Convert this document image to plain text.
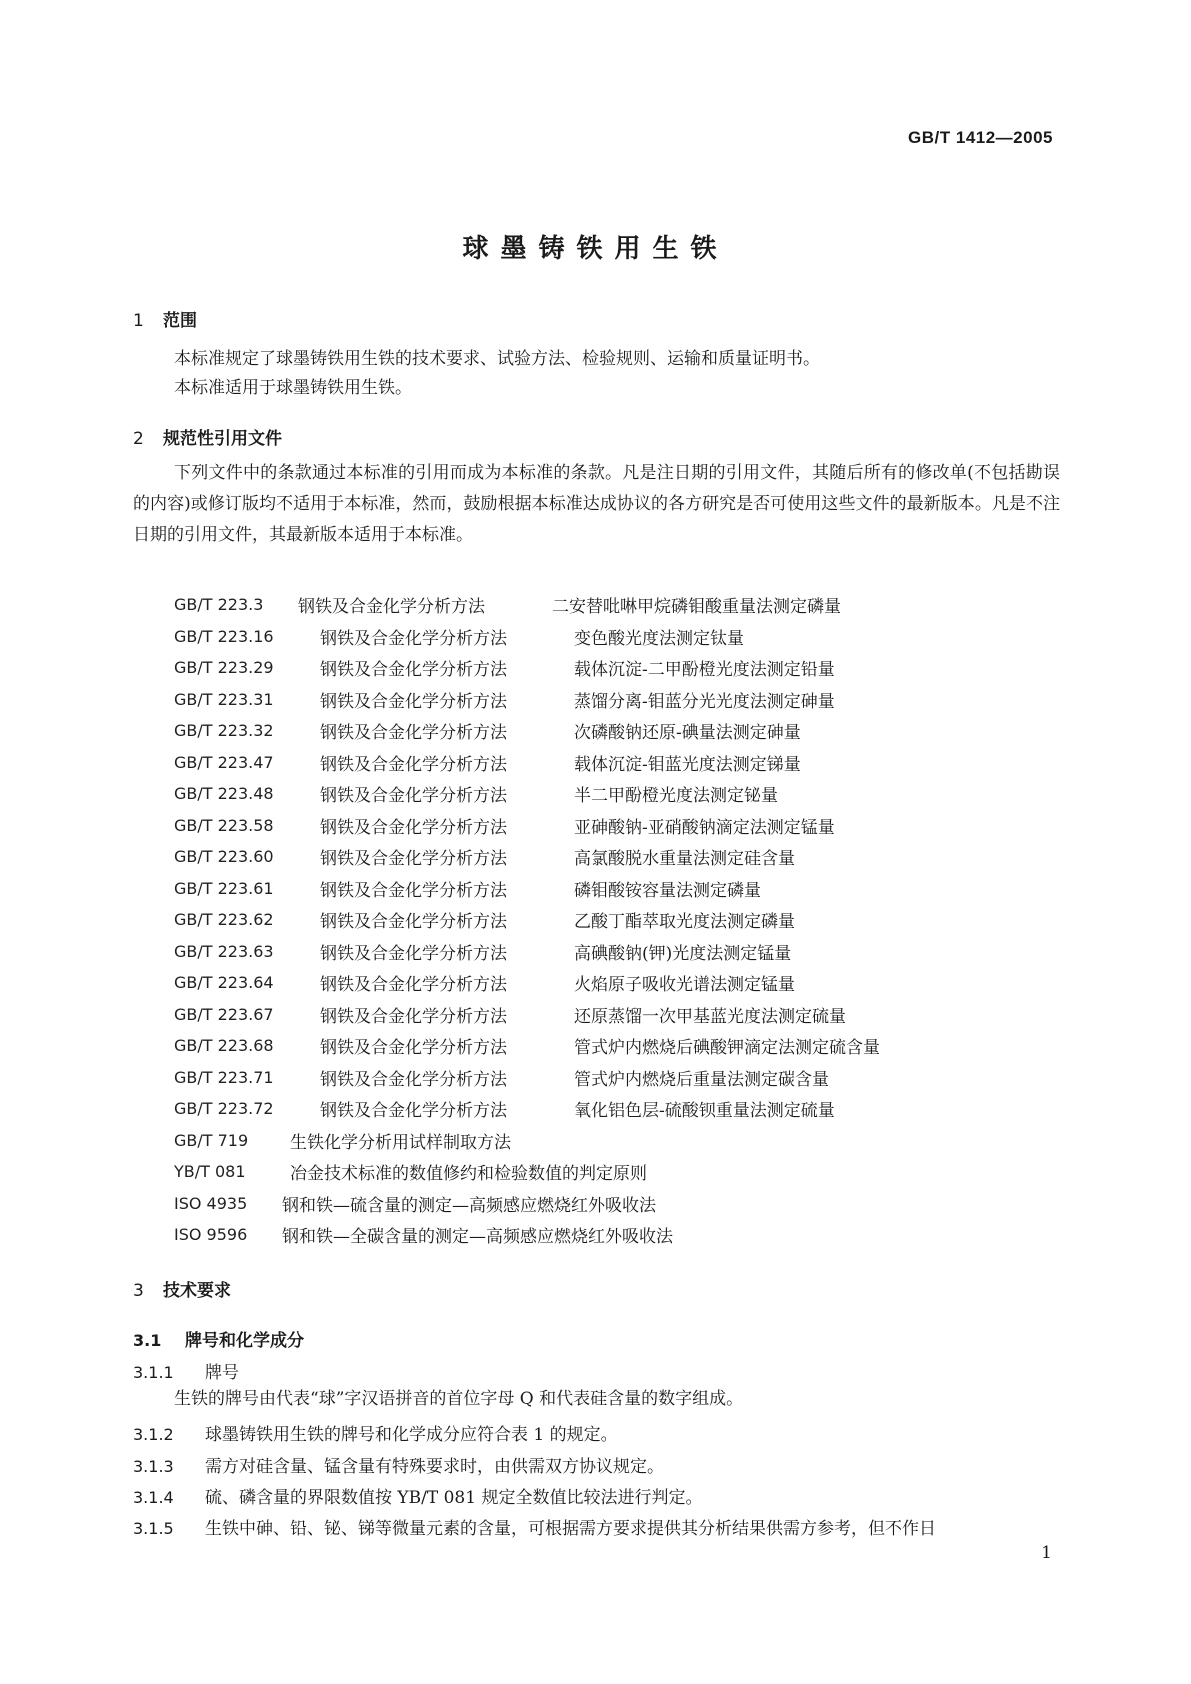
GB/T 1412—2005
球墨铸铁用生铁
1 范围
本标准规定了球墨铸铁用生铁的技术要求、试验方法、检验规则、运输和质量证明书。
本标准适用于球墨铸铁用生铁。
2 规范性引用文件
下列文件中的条款通过本标准的引用而成为本标准的条款。凡是注日期的引用文件，其随后所有的修改单(不包括勘误的内容)或修订版均不适用于本标准，然而，鼓励根据本标准达成协议的各方研究是否可使用这些文件的最新版本。凡是不注日期的引用文件，其最新版本适用于本标准。
GB/T 223.3	钢铁及合金化学分析方法	二安替吡啉甲烷磷钼酸重量法测定磷量
GB/T 223.16	钢铁及合金化学分析方法	变色酸光度法测定钛量
GB/T 223.29	钢铁及合金化学分析方法	载体沉淀-二甲酚橙光度法测定铅量
GB/T 223.31	钢铁及合金化学分析方法	蒸馏分离-钼蓝分光光度法测定砷量
GB/T 223.32	钢铁及合金化学分析方法	次磷酸钠还原-碘量法测定砷量
GB/T 223.47	钢铁及合金化学分析方法	载体沉淀-钼蓝光度法测定锑量
GB/T 223.48	钢铁及合金化学分析方法	半二甲酚橙光度法测定铋量
GB/T 223.58	钢铁及合金化学分析方法	亚砷酸钠-亚硝酸钠滴定法测定锰量
GB/T 223.60	钢铁及合金化学分析方法	高氯酸脱水重量法测定硅含量
GB/T 223.61	钢铁及合金化学分析方法	磷钼酸铵容量法测定磷量
GB/T 223.62	钢铁及合金化学分析方法	乙酸丁酯萃取光度法测定磷量
GB/T 223.63	钢铁及合金化学分析方法	高碘酸钠(钾)光度法测定锰量
GB/T 223.64	钢铁及合金化学分析方法	火焰原子吸收光谱法测定锰量
GB/T 223.67	钢铁及合金化学分析方法	还原蒸馏一次甲基蓝光度法测定硫量
GB/T 223.68	钢铁及合金化学分析方法	管式炉内燃烧后碘酸钾滴定法测定硫含量
GB/T 223.71	钢铁及合金化学分析方法	管式炉内燃烧后重量法测定碳含量
GB/T 223.72	钢铁及合金化学分析方法	氧化铝色层-硫酸钡重量法测定硫量
GB/T 719	生铁化学分析用试样制取方法
YB/T 081	冶金技术标准的数值修约和检验数值的判定原则
ISO 4935	钢和铁—硫含量的测定—高频感应燃烧红外吸收法
ISO 9596	钢和铁—全碳含量的测定—高频感应燃烧红外吸收法
3 技术要求
3.1 牌号和化学成分
3.1.1 牌号
生铁的牌号由代表“球”字汉语拼音的首位字母 Q 和代表硅含量的数字组成。
3.1.2 球墨铸铁用生铁的牌号和化学成分应符合表 1 的规定。
3.1.3 需方对硅含量、锰含量有特殊要求时，由供需双方协议规定。
3.1.4 硫、磷含量的界限数值按 YB/T 081 规定全数值比较法进行判定。
3.1.5 生铁中砷、铅、铋、锑等微量元素的含量，可根据需方要求提供其分析结果供需方参考，但不作日
1
